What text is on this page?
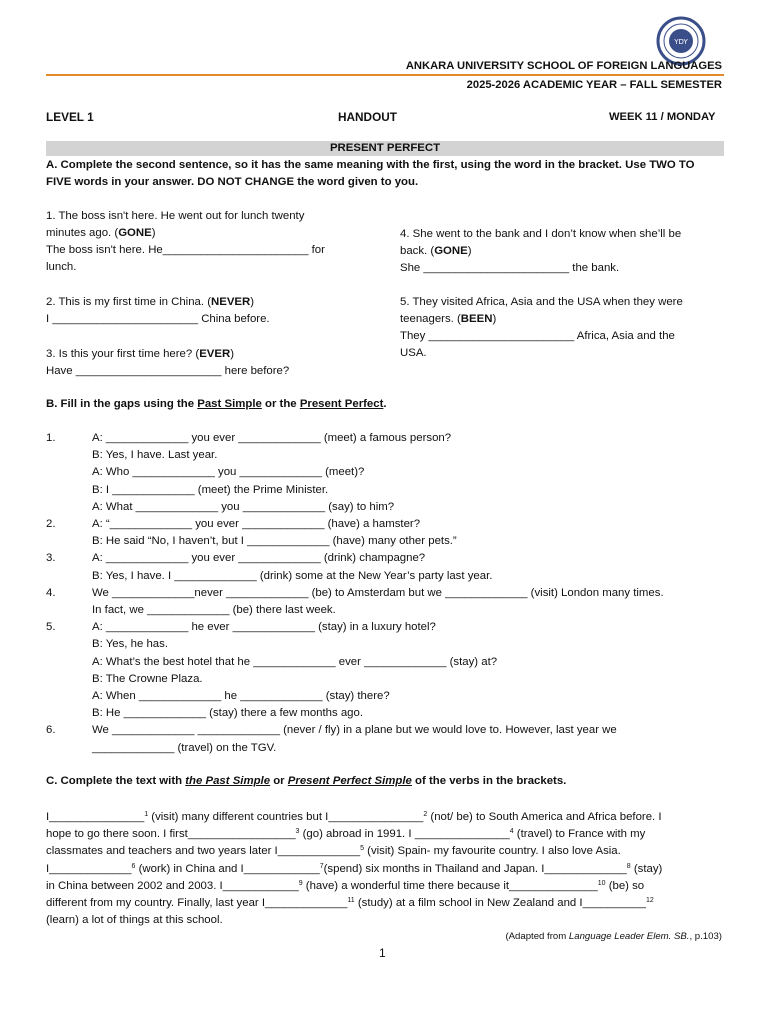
YDY
ANKARA UNIVERSITY SCHOOL OF FOREIGN LANGUAGES
2025-2026 ACADEMIC YEAR – FALL SEMESTER
LEVEL 1	HANDOUT	WEEK 11 / MONDAY
PRESENT PERFECT
A. Complete the second sentence, so it has the same meaning with the first, using the word in the bracket. Use TWO TO
FIVE words in your answer. DO NOT CHANGE the word given to you.
1. The boss isn't here. He went out for lunch twenty
minutes ago. (GONE)
The boss isn't here. He_______________________ for
lunch.
2. This is my first time in China. (NEVER)
I _______________________ China before.
3. Is this your first time here? (EVER)
Have _______________________ here before?
4. She went to the bank and I don’t know when she’ll be
back. (GONE)
She _______________________ the bank.
5. They visited Africa, Asia and the USA when they were
teenagers. (BEEN)
They _______________________ Africa, Asia and the
USA.
B. Fill in the gaps using the Past Simple or the Present Perfect.
1.	A: _____________ you ever _____________ (meet) a famous person?
B: Yes, I have. Last year.
A: Who _____________ you _____________ (meet)?
B: I _____________ (meet) the Prime Minister.
A: What _____________ you _____________ (say) to him?
2.	A: “_____________ you ever _____________ (have) a hamster?
B: He said “No, I haven’t, but I _____________ (have) many other pets.”
3.	A: _____________ you ever _____________ (drink) champagne?
B: Yes, I have. I _____________ (drink) some at the New Year’s party last year.
4.	We _____________never _____________ (be) to Amsterdam but we _____________ (visit) London many times.
In fact, we _____________ (be) there last week.
5.	A: _____________ he ever _____________ (stay) in a luxury hotel?
B: Yes, he has.
A: What’s the best hotel that he _____________ ever _____________ (stay) at?
B: The Crowne Plaza.
A: When _____________ he _____________ (stay) there?
B: He _____________ (stay) there a few months ago.
6.	We _____________ _____________ (never / fly) in a plane but we would love to. However, last year we
_____________ (travel) on the TGV.
C. Complete the text with the Past Simple or Present Perfect Simple of the verbs in the brackets.
I_______________$^1$ (visit) many different countries but I_______________$^2$ (not/ be) to South America and Africa before. I
hope to go there soon. I first_________________$^3$ (go) abroad in 1991. I _______________$^4$ (travel) to France with my
classmates and teachers and two years later I_____________$^5$ (visit) Spain- my favourite country. I also love Asia.
I_____________$^6$ (work) in China and I____________$^7$(spend) six months in Thailand and Japan. I_____________$^8$ (stay)
in China between 2002 and 2003. I____________$^9$ (have) a wonderful time there because it______________$^{10}$ (be) so
different from my country. Finally, last year I_____________$^{11}$ (study) at a film school in New Zealand and I__________$^{12}$
(learn) a lot of things at this school.
(Adapted from Language Leader Elem. SB., p.103)
1
